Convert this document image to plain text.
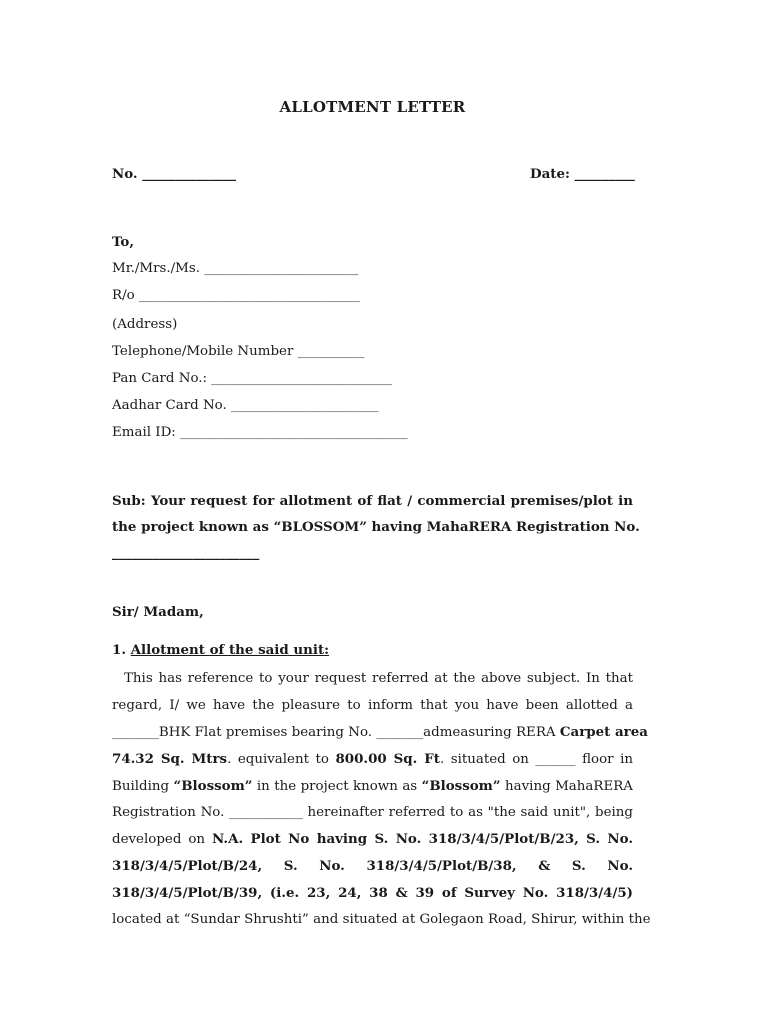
ALLOTMENT LETTER
No. ______________	Date: _________
To,
Mr./Mrs./Ms. _______________________
R/o _________________________________
(Address)
Telephone/Mobile Number __________
Pan Card No.: ___________________________
Aadhar Card No. ______________________
Email ID: __________________________________
Sub: Your request for allotment of flat / commercial premises/plot in
the project known as “BLOSSOM” having MahaRERA Registration No.
______________________
Sir/ Madam,
1. Allotment of the said unit:
This has reference to your request referred at the above subject. In that
regard, I/ we have the pleasure to inform that you have been allotted a
_______BHK Flat premises bearing No. _______admeasuring RERA Carpet area
74.32 Sq. Mtrs. equivalent to 800.00 Sq. Ft. situated on ______ floor in
Building “Blossom” in the project known as “Blossom” having MahaRERA
Registration No. ___________ hereinafter referred to as "the said unit", being
developed on N.A. Plot No having S. No. 318/3/4/5/Plot/B/23, S. No.
318/3/4/5/Plot/B/24, S. No. 318/3/4/5/Plot/B/38, & S. No.
318/3/4/5/Plot/B/39, (i.e. 23, 24, 38 & 39 of Survey No. 318/3/4/5)
located at “Sundar Shrushti” and situated at Golegaon Road, Shirur, within the
